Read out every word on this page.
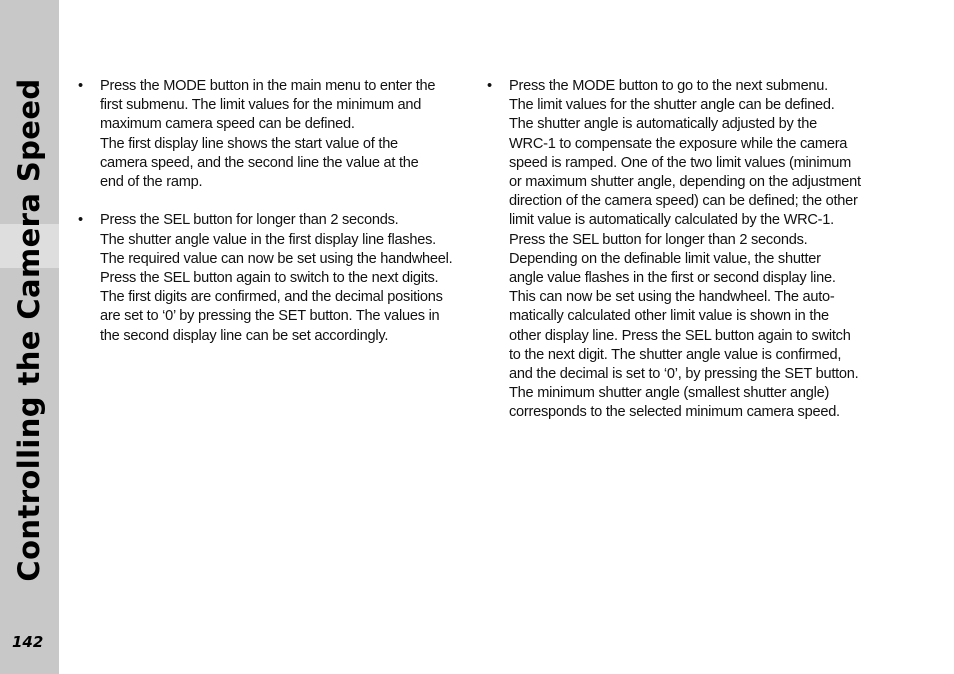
Controlling the Camera Speed
142
•	Press the MODE button in the main menu to enter the
first submenu. The limit values for the minimum and
maximum camera speed can be defined.
The first display line shows the start value of the
camera speed, and the second line the value at the
end of the ramp.
•	Press the SEL button for longer than 2 seconds.
The shutter angle value in the first display line flashes.
The required value can now be set using the handwheel.
Press the SEL button again to switch to the next digits.
The first digits are confirmed, and the decimal positions
are set to ‘0’ by pressing the SET button. The values in
the second display line can be set accordingly.
•	Press the MODE button to go to the next submenu.
The limit values for the shutter angle can be defined.
The shutter angle is automatically adjusted by the
WRC-1 to compensate the exposure while the camera
speed is ramped. One of the two limit values (minimum
or maximum shutter angle, depending on the adjustment
direction of the camera speed) can be defined; the other
limit value is automatically calculated by the WRC-1.
Press the SEL button for longer than 2 seconds.
Depending on the definable limit value, the shutter
angle value flashes in the first or second display line.
This can now be set using the handwheel. The auto-
matically calculated other limit value is shown in the
other display line. Press the SEL button again to switch
to the next digit. The shutter angle value is confirmed,
and the decimal is set to ‘0’, by pressing the SET button.
The minimum shutter angle (smallest shutter angle)
corresponds to the selected minimum camera speed.
